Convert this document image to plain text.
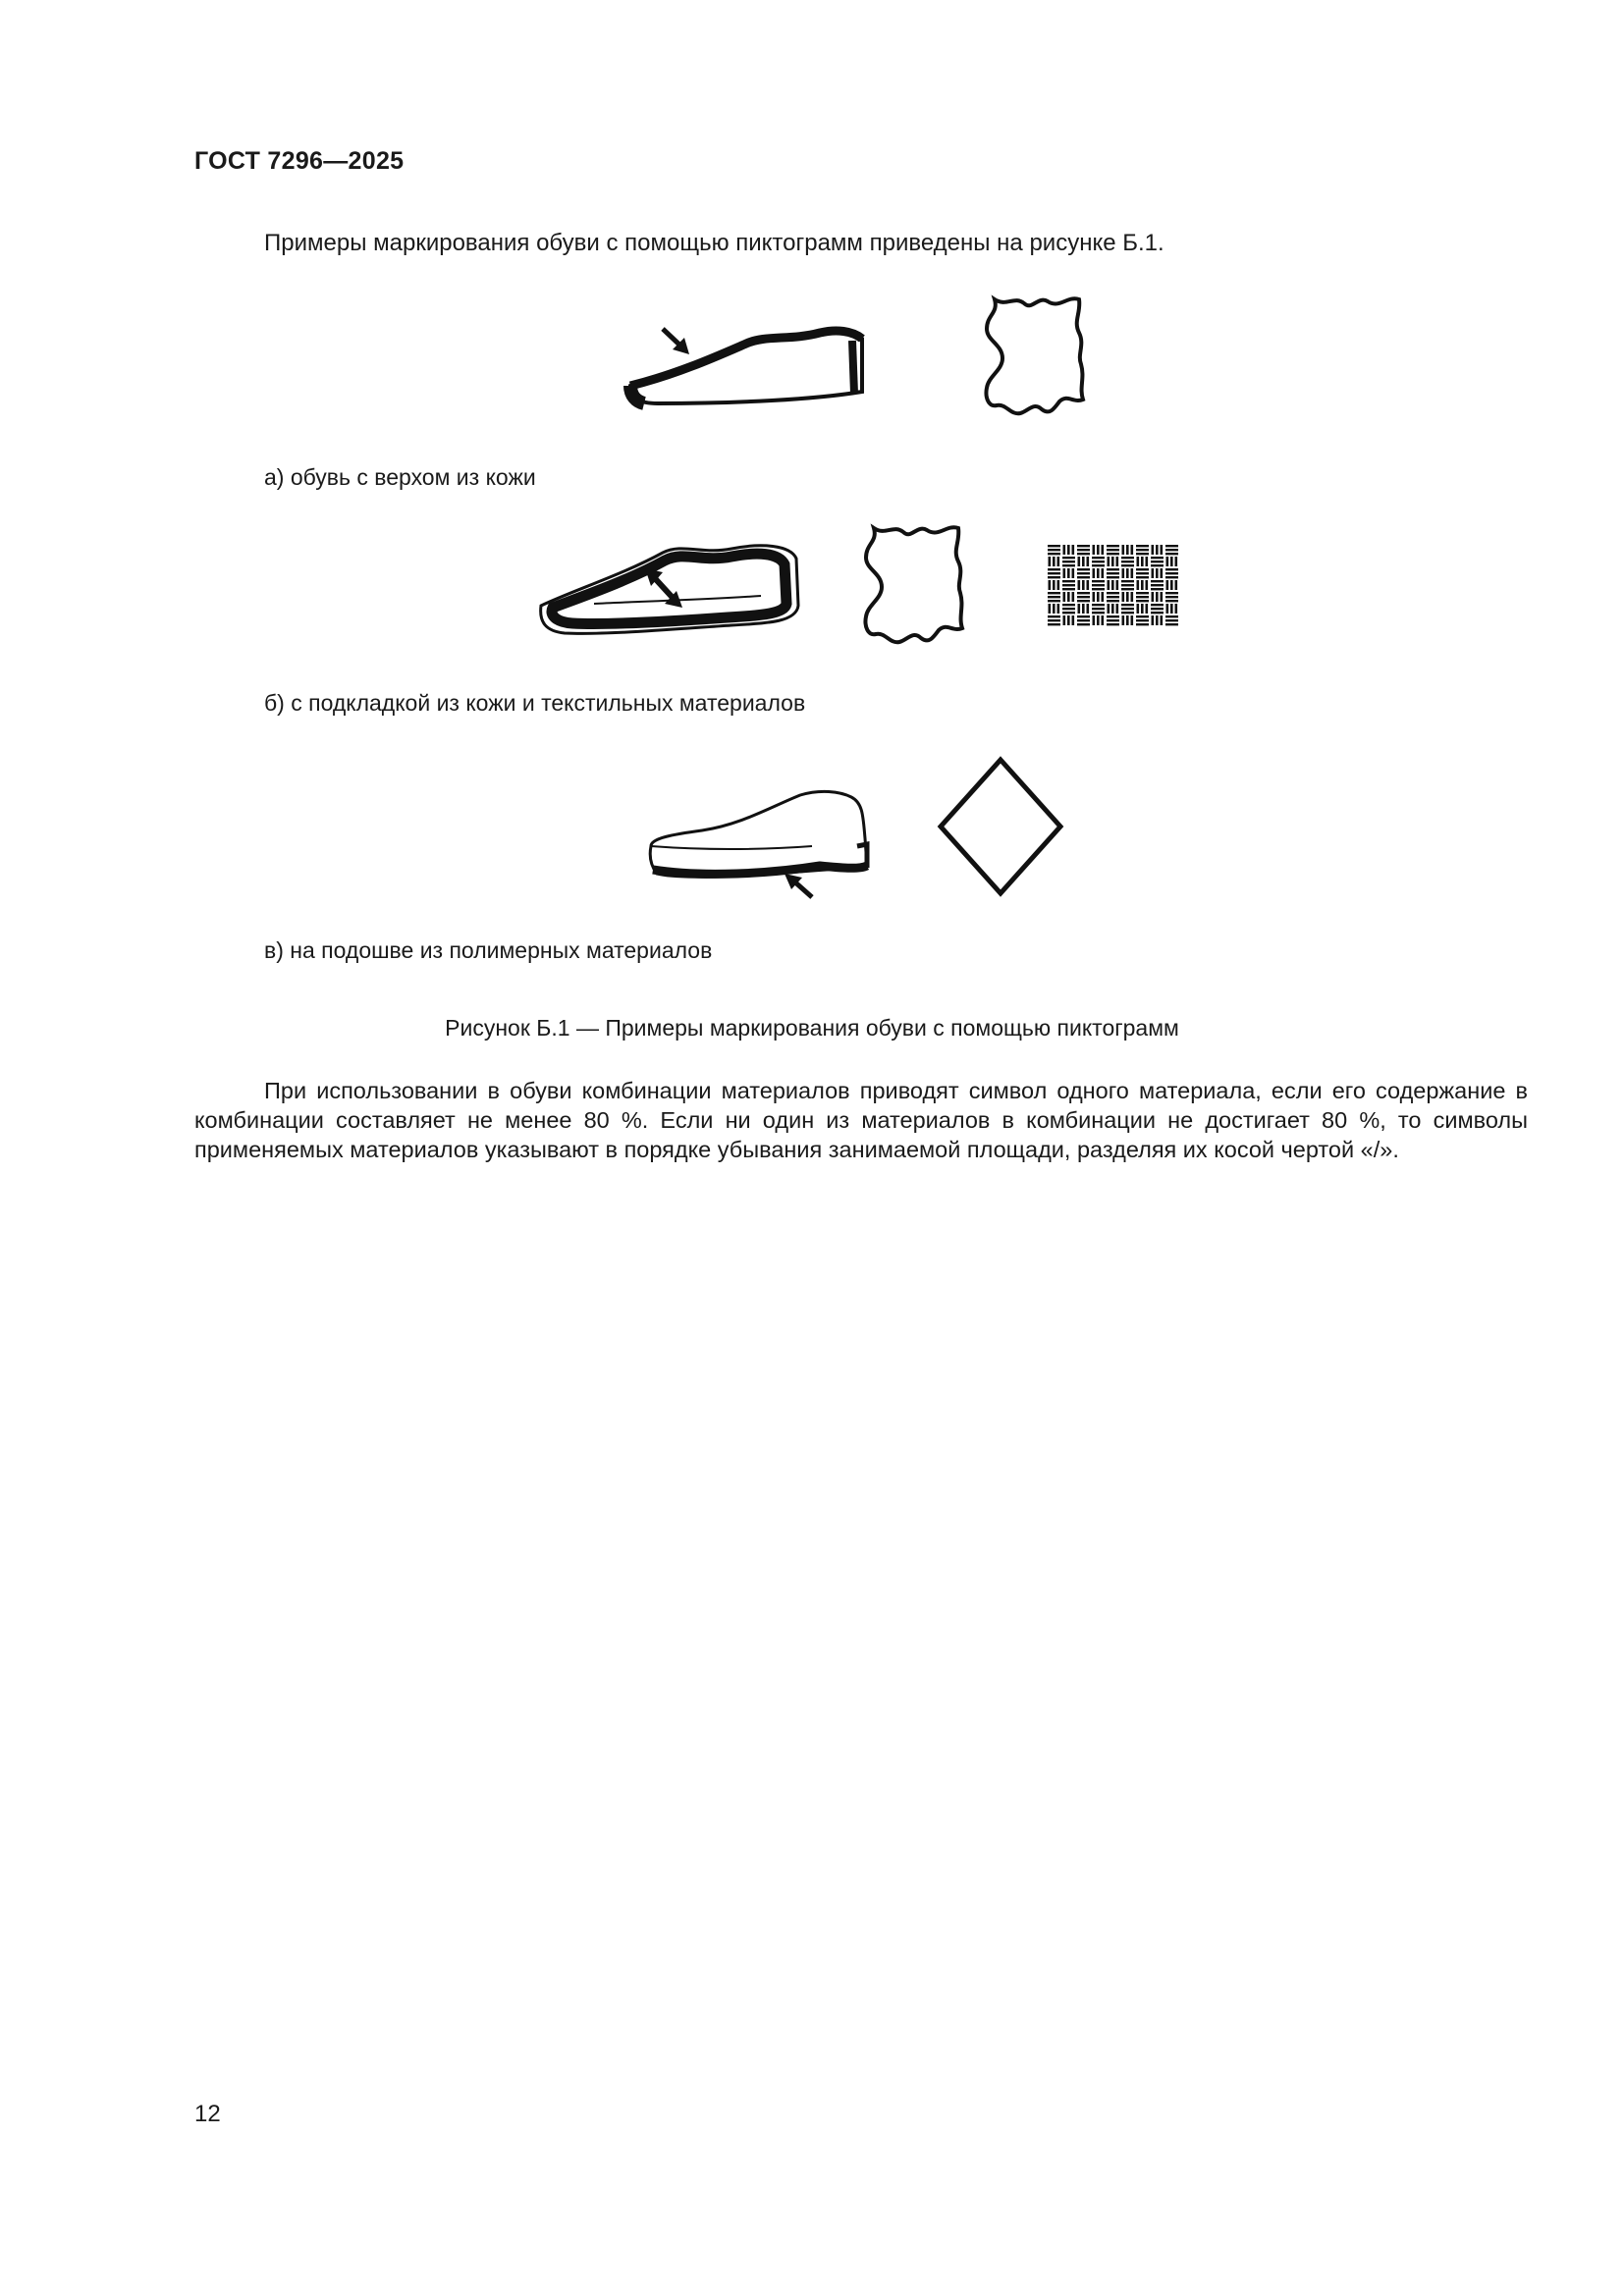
ГОСТ 7296—2025
Примеры маркирования обуви с помощью пиктограмм приведены на рисунке Б.1.
а) обувь с верхом из кожи
б) с подкладкой из кожи и текстильных материалов
в) на подошве из полимерных материалов
Рисунок Б.1 — Примеры маркирования обуви с помощью пиктограмм
При использовании в обуви комбинации материалов приводят символ одного материала, если его содержание в комбинации составляет не менее 80 %. Если ни один из материалов в комбинации не достигает 80 %, то символы применяемых материалов указывают в порядке убывания занимаемой площади, разделяя их косой чертой «/».
12
